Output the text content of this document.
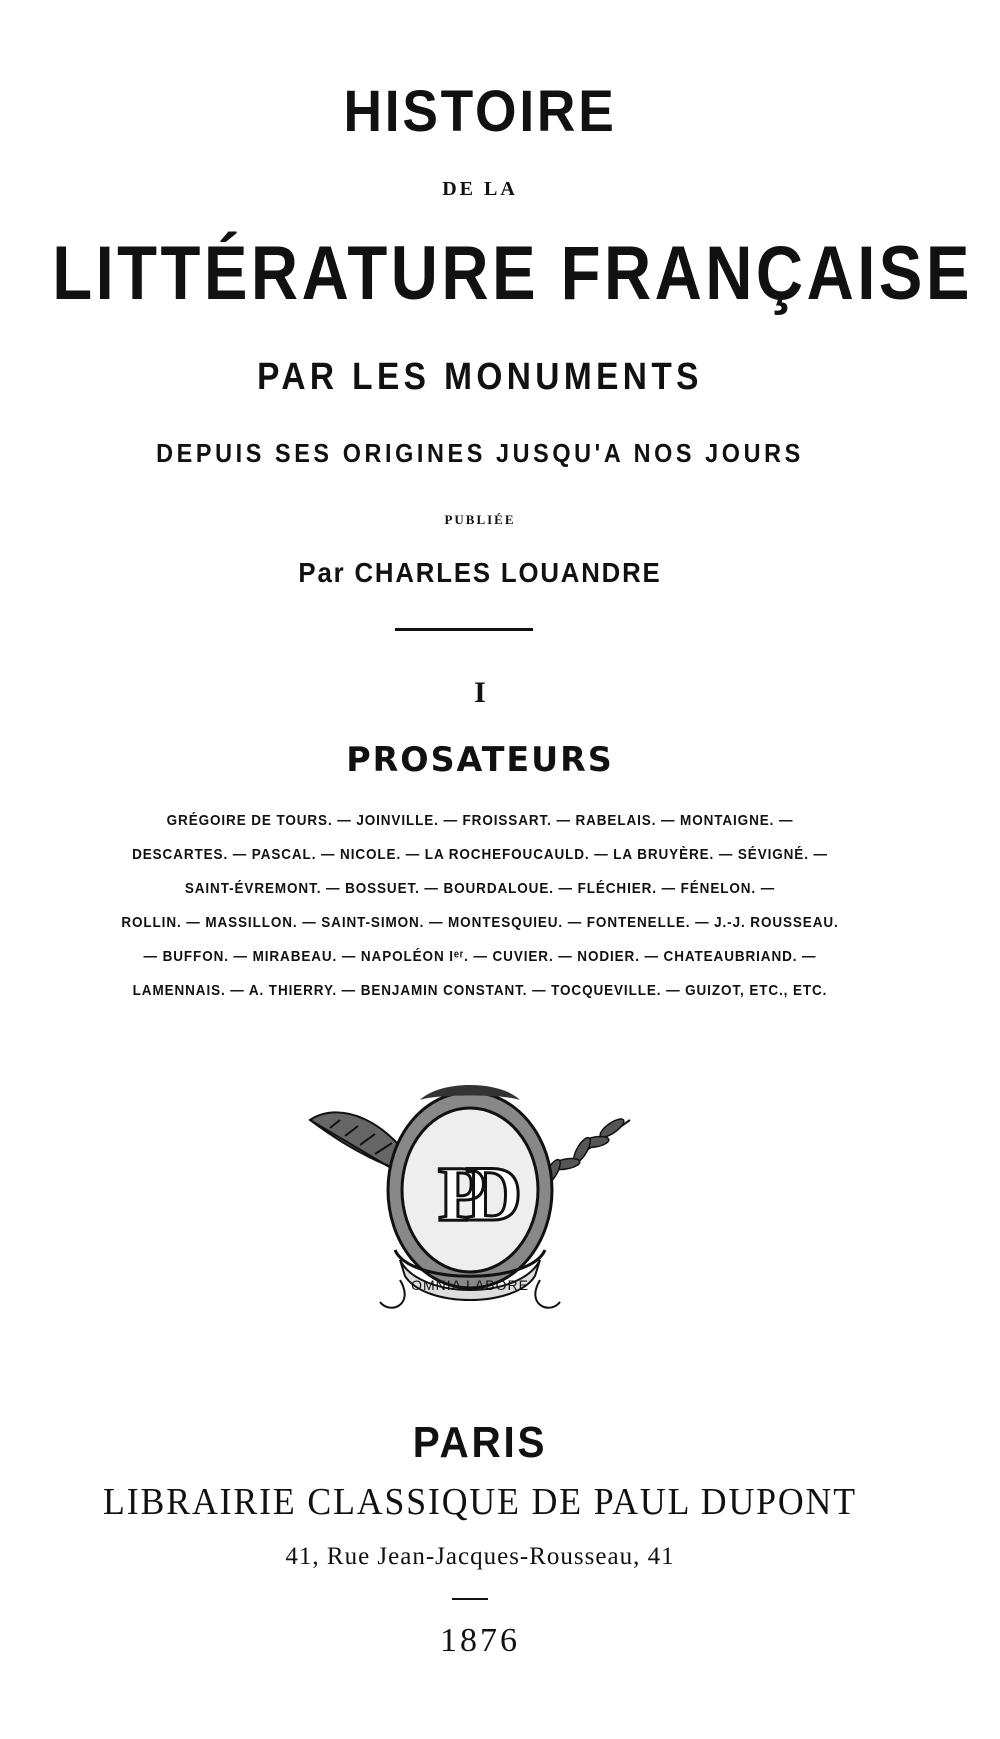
HISTOIRE
DE LA
LITTÉRATURE FRANÇAISE
PAR LES MONUMENTS
DEPUIS SES ORIGINES JUSQU'A NOS JOURS
PUBLIÉE
Par CHARLES LOUANDRE
I
PROSATEURS
GRÉGOIRE DE TOURS. — JOINVILLE. — FROISSART. — RABELAIS. — MONTAIGNE. —
DESCARTES. — PASCAL. — NICOLE. — LA ROCHEFOUCAULD. — LA BRUYÈRE. — SÉVIGNÉ. —
SAINT-ÉVREMONT. — BOSSUET. — BOURDALOUE. — FLÉCHIER. — FÉNELON. —
ROLLIN. — MASSILLON. — SAINT-SIMON. — MONTESQUIEU. — FONTENELLE. — J.-J. ROUSSEAU.
— BUFFON. — MIRABEAU. — NAPOLÉON Iᵉʳ. — CUVIER. — NODIER. — CHATEAUBRIAND. —
LAMENNAIS. — A. THIERRY. — BENJAMIN CONSTANT. — TOCQUEVILLE. — GUIZOT, ETC., ETC.
PD
OMNIA LABORE
PARIS
LIBRAIRIE CLASSIQUE DE PAUL DUPONT
41, Rue Jean-Jacques-Rousseau, 41
1876
